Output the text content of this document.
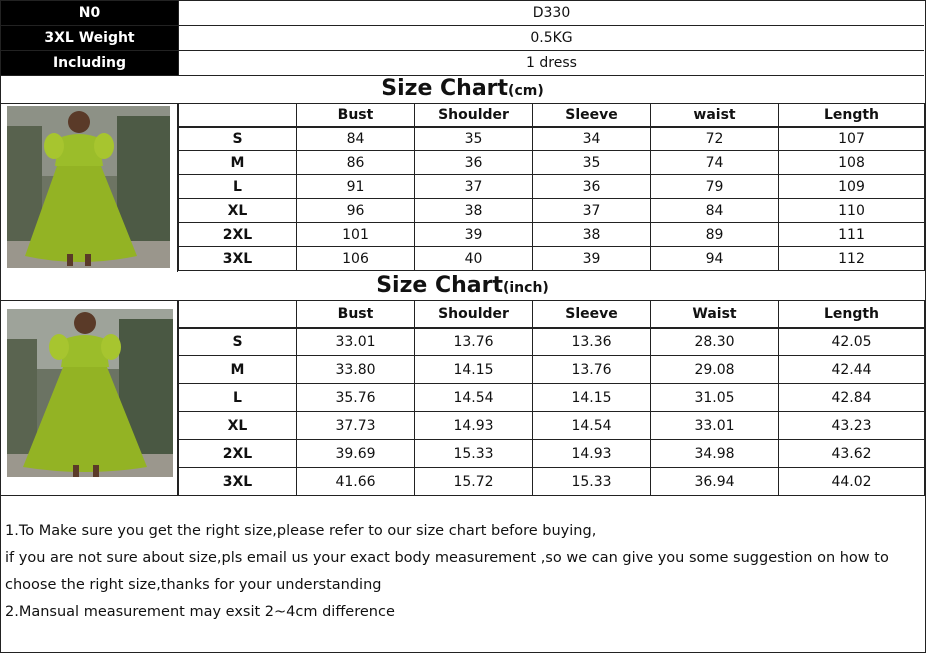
N0	D330
3XL Weight	0.5KG
Including	1 dress
Size Chart(cm)
	Bust	Shoulder	Sleeve	waist	Length
S	84	35	34	72	107
M	86	36	35	74	108
L	91	37	36	79	109
XL	96	38	37	84	110
2XL	101	39	38	89	111
3XL	106	40	39	94	112
Size Chart(inch)
	Bust	Shoulder	Sleeve	Waist	Length
S	33.01	13.76	13.36	28.30	42.05
M	33.80	14.15	13.76	29.08	42.44
L	35.76	14.54	14.15	31.05	42.84
XL	37.73	14.93	14.54	33.01	43.23
2XL	39.69	15.33	14.93	34.98	43.62
3XL	41.66	15.72	15.33	36.94	44.02
1.To Make sure you get the right size,please refer to our size chart before buying,
if you are not sure about size,pls email us your exact body measurement ,so we can give you some suggestion on how to
choose the right size,thanks for your understanding
2.Mansual measurement may exsit 2~4cm difference
